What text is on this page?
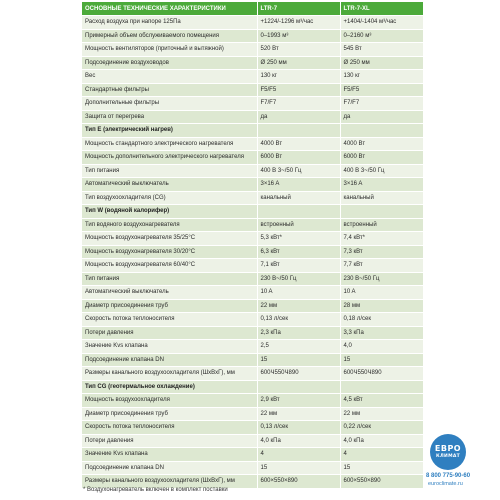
ОСНОВНЫЕ ТЕХНИЧЕСКИЕ ХАРАКТЕРИСТИКИ	LTR-7	LTR-7-XL
Расход воздуха при напоре 125Па	+1224/-1296 м³/час	+1404/-1404 м³/час
Примерный объем обслуживаемого помещения	0–1993 м³	0–2160 м³
Мощность вентиляторов (приточный и вытяжной)	520 Вт	545 Вт
Подсоединение воздуховодов	Ø 250 мм	Ø 250 мм
Вес	130 кг	130 кг
Стандартные фильтры	F5/F5	F5/F5
Дополнительные фильтры	F7/F7	F7/F7
Защита от перегрева	да	да
Тип E (электрический нагрев)		
Мощность стандартного электрического нагревателя	4000 Вт	4000 Вт
Мощность дополнительного электрического нагревателя	6000 Вт	6000 Вт
Тип питания	400 В 3~/50 Гц	400 В 3~/50 Гц
Автоматический выключатель	3×16 A	3×16 A
Тип воздухоохладителя (CG)	канальный	канальный
Тип W (водяной калорифер)		
Тип водяного воздухонагревателя	встроенный	встроенный
Мощность воздухонагревателя 35/25°С	5,3 кВт*	7,4 кВт*
Мощность воздухонагревателя 30/20°С	6,3 кВт	7,3 кВт
Мощность воздухонагревателя 60/40°С	7,1 кВт	7,7 кВт
Тип питания	230 В~/50 Гц	230 В~/50 Гц
Автоматический выключатель	10 A	10 A
Диаметр присоединения труб	22 мм	28 мм
Скорость потока теплоносителя	0,13 л/сек	0,18 л/сек
Потери давления	2,3 кПа	3,3 кПа
Значение Kvs клапана	2,5	4,0
Подсоединение клапана DN	15	15
Размеры канального воздухоохладителя (ШхВхГ), мм	600Ч550Ч890	600Ч550Ч890
Тип CG (геотермальное охлаждение)		
Мощность воздухоохладителя	2,9 кВт	4,5 кВт
Диаметр присоединения труб	22 мм	22 мм
Скорость потока теплоносителя	0,13 л/сек	0,22 л/сек
Потери давления	4,0 кПа	4,0 кПа
Значение Kvs клапана	4	4
Подсоединение клапана DN	15	15
Размеры канального воздухоохладителя (ШхВхГ), мм	600×550×890	600×550×890
* Воздухонагреватель включен в комплект поставки
ЕВРО
КЛИМАТ
8 800 775-90-60
euroclimate.ru
